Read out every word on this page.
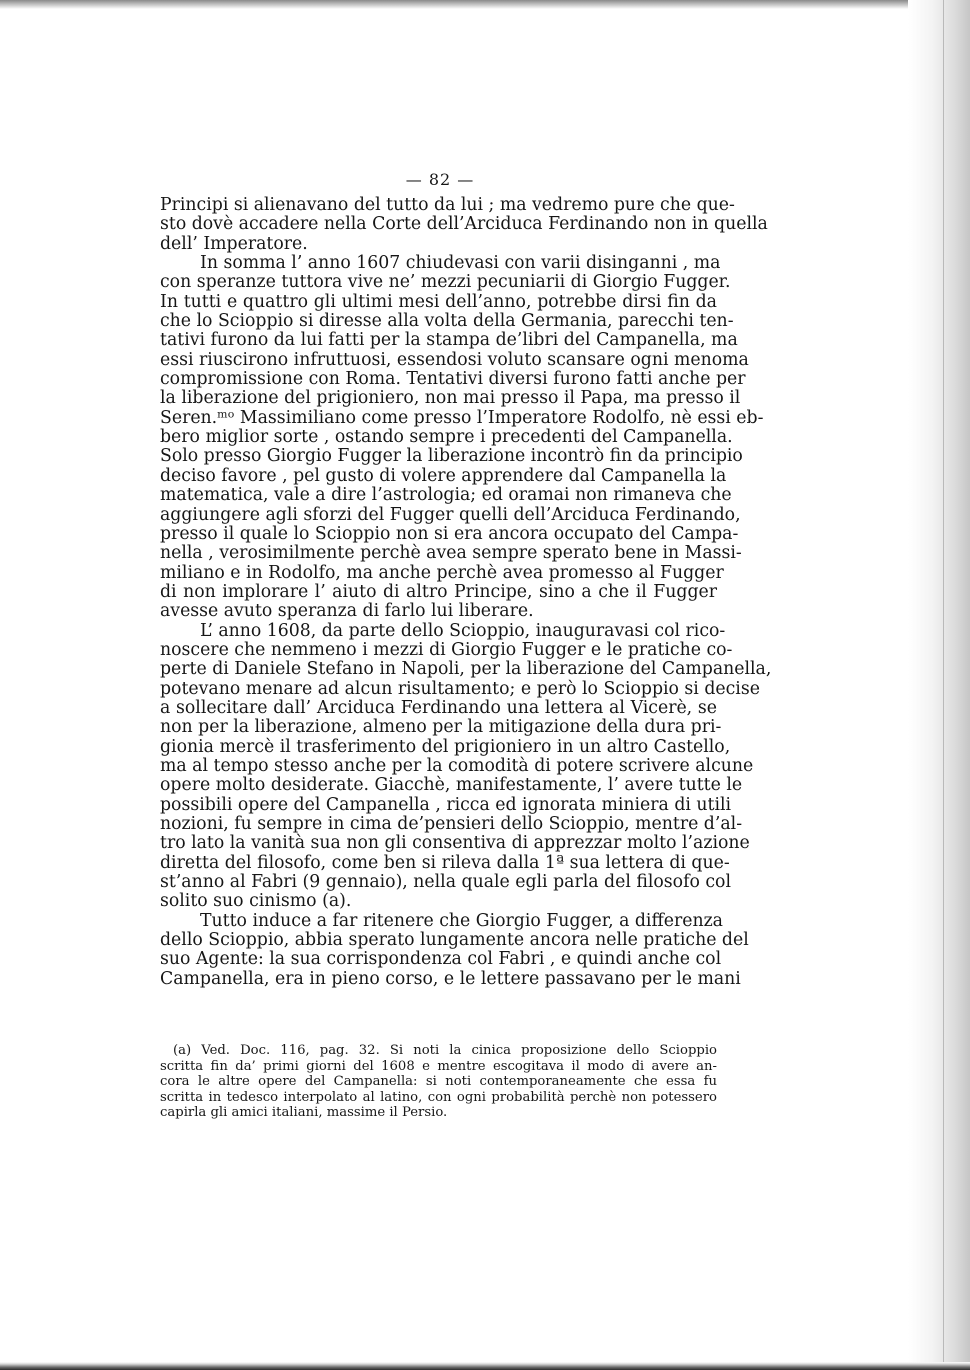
— 82 —
Principi si alienavano del tutto da lui ; ma vedremo pure che que-
sto dovè accadere nella Corte dell’Arciduca Ferdinando non in quella
dell’ Imperatore.
In somma l’ anno 1607 chiudevasi con varii disinganni , ma
con speranze tuttora vive ne’ mezzi pecuniarii di Giorgio Fugger.
In tutti e quattro gli ultimi mesi dell’anno, potrebbe dirsi fin da
che lo Scioppio si diresse alla volta della Germania, parecchi ten-
tativi furono da lui fatti per la stampa de’libri del Campanella, ma
essi riuscirono infruttuosi, essendosi voluto scansare ogni menoma
compromissione con Roma. Tentativi diversi furono fatti anche per
la liberazione del prigioniero, non mai presso il Papa, ma presso il
Seren.ᵐᵒ Massimiliano come presso l’Imperatore Rodolfo, nè essi eb-
bero miglior sorte , ostando sempre i precedenti del Campanella.
Solo presso Giorgio Fugger la liberazione incontrò fin da principio
deciso favore , pel gusto di volere apprendere dal Campanella la
matematica, vale a dire l’astrologia; ed oramai non rimaneva che
aggiungere agli sforzi del Fugger quelli dell’Arciduca Ferdinando,
presso il quale lo Scioppio non si era ancora occupato del Campa-
nella , verosimilmente perchè avea sempre sperato bene in Massi-
miliano e in Rodolfo, ma anche perchè avea promesso al Fugger
di non implorare l’ aiuto di altro Principe, sino a che il Fugger
avesse avuto speranza di farlo lui liberare.
L’ anno 1608, da parte dello Scioppio, inauguravasi col rico-
noscere che nemmeno i mezzi di Giorgio Fugger e le pratiche co-
perte di Daniele Stefano in Napoli, per la liberazione del Campanella,
potevano menare ad alcun risultamento; e però lo Scioppio si decise
a sollecitare dall’ Arciduca Ferdinando una lettera al Vicerè, se
non per la liberazione, almeno per la mitigazione della dura pri-
gionia mercè il trasferimento del prigioniero in un altro Castello,
ma al tempo stesso anche per la comodità di potere scrivere alcune
opere molto desiderate. Giacchè, manifestamente, l’ avere tutte le
possibili opere del Campanella , ricca ed ignorata miniera di utili
nozioni, fu sempre in cima de’pensieri dello Scioppio, mentre d’al-
tro lato la vanità sua non gli consentiva di apprezzar molto l’azione
diretta del filosofo, come ben si rileva dalla 1ª sua lettera di que-
st’anno al Fabri (9 gennaio), nella quale egli parla del filosofo col
solito suo cinismo (a).
Tutto induce a far ritenere che Giorgio Fugger, a differenza
dello Scioppio, abbia sperato lungamente ancora nelle pratiche del
suo Agente: la sua corrispondenza col Fabri , e quindi anche col
Campanella, era in pieno corso, e le lettere passavano per le mani
(a) Ved. Doc. 116, pag. 32. Si noti la cinica proposizione dello Scioppio
scritta fin da’ primi giorni del 1608 e mentre escogitava il modo di avere an-
cora le altre opere del Campanella: si noti contemporaneamente che essa fu
scritta in tedesco interpolato al latino, con ogni probabilità perchè non potessero
capirla gli amici italiani, massime il Persio.
